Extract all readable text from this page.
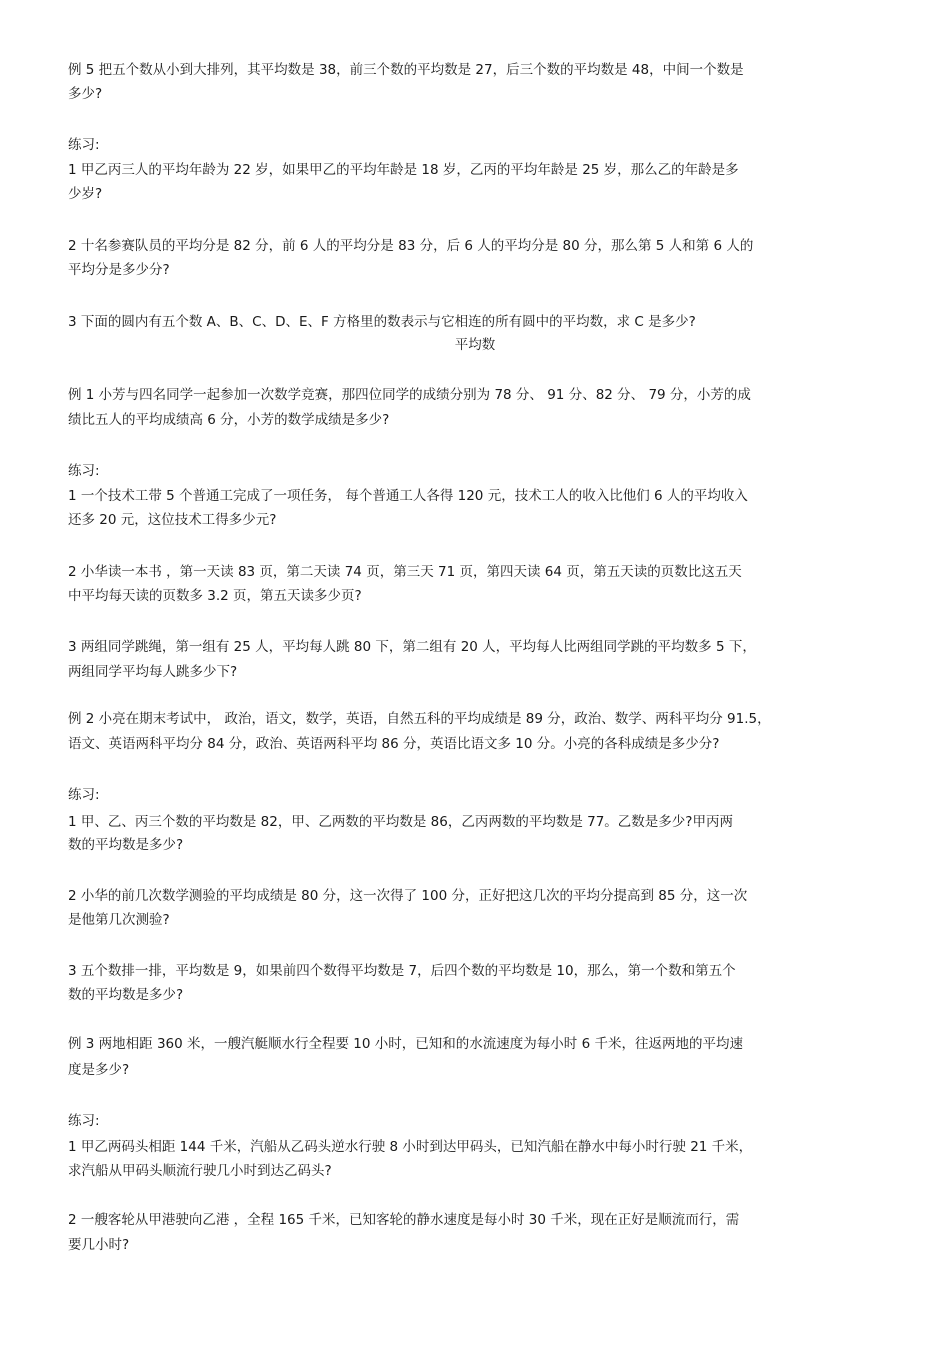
例 5 把五个数从小到大排列，其平均数是 38，前三个数的平均数是 27，后三个数的平均数是 48，中间一个数是
多少?
练习:
1 甲乙丙三人的平均年龄为 22 岁，如果甲乙的平均年龄是 18 岁，乙丙的平均年龄是 25 岁，那么乙的年龄是多
少岁?
2 十名参赛队员的平均分是 82 分，前 6 人的平均分是 83 分，后 6 人的平均分是 80 分，那么第 5 人和第 6 人的
平均分是多少分?
3 下面的圆内有五个数 A、B、C、D、E、F 方格里的数表示与它相连的所有圆中的平均数，求 C 是多少?
平均数
例 1 小芳与四名同学一起参加一次数学竞赛，那四位同学的成绩分别为 78 分、 91 分、82 分、 79 分，小芳的成
绩比五人的平均成绩高 6 分，小芳的数学成绩是多少?
练习:
1 一个技术工带 5 个普通工完成了一项任务， 每个普通工人各得 120 元，技术工人的收入比他们 6 人的平均收入
还多 20 元，这位技术工得多少元?
2 小华读一本书 ，第一天读 83 页，第二天读 74 页，第三天 71 页，第四天读 64 页，第五天读的页数比这五天
中平均每天读的页数多 3.2 页，第五天读多少页?
3 两组同学跳绳，第一组有 25 人，平均每人跳 80 下，第二组有 20 人，平均每人比两组同学跳的平均数多 5 下，
两组同学平均每人跳多少下?
例 2 小亮在期末考试中， 政治，语文，数学，英语，自然五科的平均成绩是 89 分，政治、数学、两科平均分 91.5，
语文、英语两科平均分 84 分，政治、英语两科平均 86 分，英语比语文多 10 分。小亮的各科成绩是多少分?
练习:
1 甲、乙、丙三个数的平均数是 82，甲、乙两数的平均数是 86，乙丙两数的平均数是 77。乙数是多少?甲丙两
数的平均数是多少?
2 小华的前几次数学测验的平均成绩是 80 分，这一次得了 100 分，正好把这几次的平均分提高到 85 分，这一次
是他第几次测验?
3 五个数排一排，平均数是 9，如果前四个数得平均数是 7，后四个数的平均数是 10，那么，第一个数和第五个
数的平均数是多少?
例 3 两地相距 360 米，一艘汽艇顺水行全程要 10 小时，已知和的水流速度为每小时 6 千米，往返两地的平均速
度是多少?
练习:
1 甲乙两码头相距 144 千米，汽船从乙码头逆水行驶 8 小时到达甲码头，已知汽船在静水中每小时行驶 21 千米，
求汽船从甲码头顺流行驶几小时到达乙码头?
2 一艘客轮从甲港驶向乙港 ，全程 165 千米，已知客轮的静水速度是每小时 30 千米，现在正好是顺流而行，需
要几小时?
